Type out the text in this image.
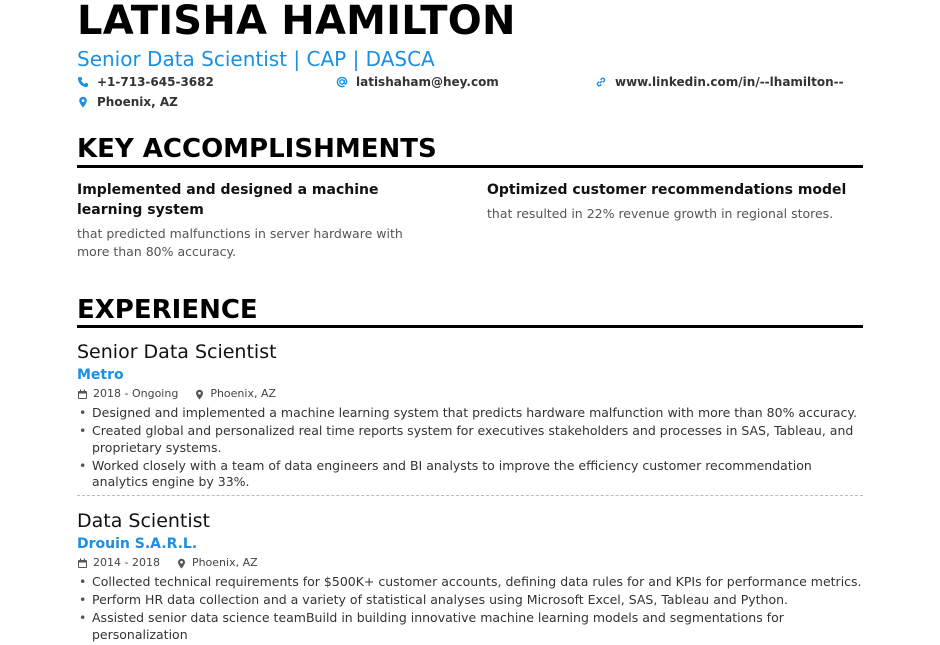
LATISHA HAMILTON
Senior Data Scientist | CAP | DASCA
+1-713-645-3682	latishaham@hey.com	www.linkedin.com/in/--lhamilton--
Phoenix, AZ
KEY ACCOMPLISHMENTS
Implemented and designed a machine learning system
that predicted malfunctions in server hardware with more than 80% accuracy.
Optimized customer recommendations model
that resulted in 22% revenue growth in regional stores.
EXPERIENCE
Senior Data Scientist
Metro
2018 - Ongoing	Phoenix, AZ
• Designed and implemented a machine learning system that predicts hardware malfunction with more than 80% accuracy.
• Created global and personalized real time reports system for executives stakeholders and processes in SAS, Tableau, and proprietary systems.
• Worked closely with a team of data engineers and BI analysts to improve the efficiency customer recommendation analytics engine by 33%.
Data Scientist
Drouin S.A.R.L.
2014 - 2018	Phoenix, AZ
• Collected technical requirements for $500K+ customer accounts, defining data rules for and KPIs for performance metrics.
• Perform HR data collection and a variety of statistical analyses using Microsoft Excel, SAS, Tableau and Python.
• Assisted senior data science teamBuild in building innovative machine learning models and segmentations for personalization
